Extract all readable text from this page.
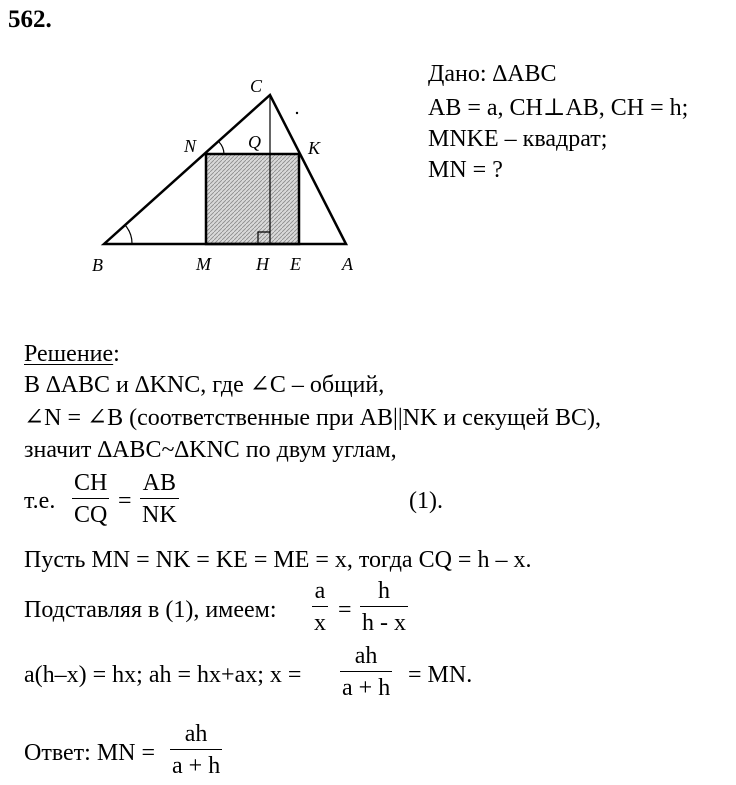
562.
C
N	Q	K
B	M	H E A
Дано: ∆ABC
AB = a, CH⊥AB, CH = h;
MNKE – квадрат;
MN = ?
Решение:
В ∆ABC и ∆KNC, где ∠C – общий,
∠N = ∠B (соответственные при AB||NK и секущей BC),
значит ∆ABC~∆KNC по двум углам,
т.е.
CH
CQ
=
AB
NK
(1).
Пусть MN = NK = KE = ME = x, тогда CQ = h – x.
Подставляя в (1), имеем:
a
x =
h
h - x
a(h–x) = hx; ah = hx+ax; x =
ah
a + h = MN.
Ответ: MN =
ah
a + h
